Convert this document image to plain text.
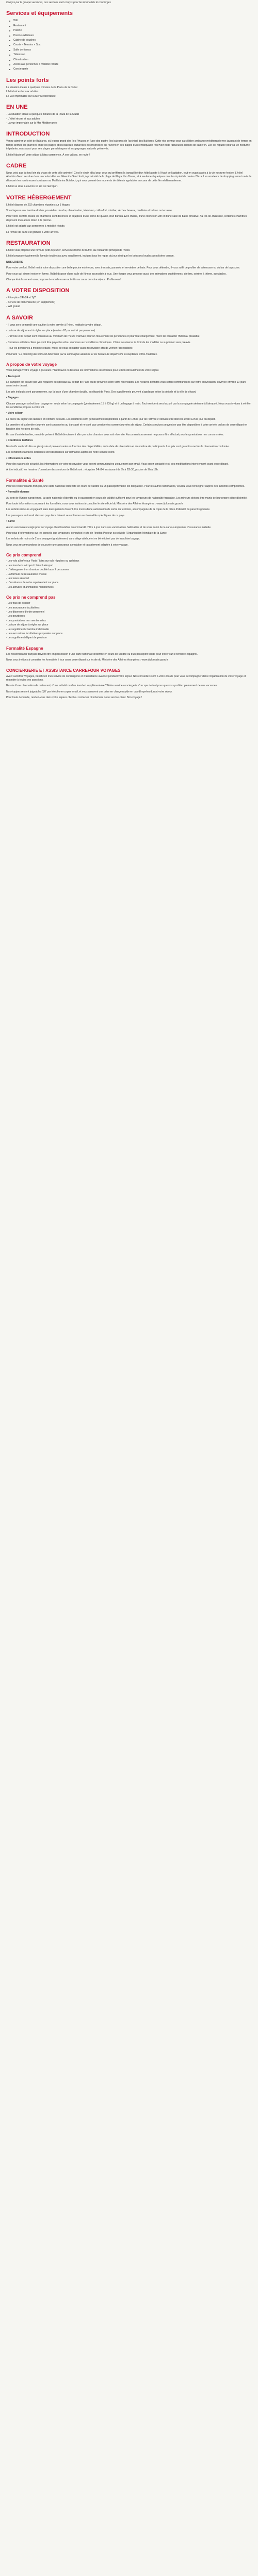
Conçus par le groupe vacances, ces services sont conçus pour les Formalités & concierges

Services et équipements
Wifi
Restaurant
Piscine
Piscine extérieure
Cabine de douches
Courts – Terrains » Spa
Salle de fitness
Télévision
Climatisation
Accès aux personnes à mobilité réduite
Conciergerie
Les points forts
La situation idéale à quelques minutes de la Plaza de la Ciutat
L'hôtel récent et aux adultes
Le vue imprenable sur la Mer Méditerranée
EN UNE
- La situation idéale à quelques minutes de la Plaza de la Ciutat
- L'hôtel récent et aux adultes
- La vue imprenable sur la Mer Méditerranée
INTRODUCTION

Venez admirer un côté de Baléares, où le plus grand des îles Pityuses et l'une des quatre îles baléares de l'archipel des Baléares. Cette rive connue pour sa célèbre ambiance méditerranéenne jaugeant de temps en temps animée les journées entre les plages et les bateaux, culturelles et sensorielles qui revient en ses plages d'un remarquable réservoir et de fabuleuses criques de sable fin. Elle est réputée pour sa vie nocturne trépidante, mais aussi pour ses plages paradisiaques et ses paysages naturels préservés.

L'hôtel fabuleux! Votre séjour à Ibiza commence. À vos valises, en route !

CADRE

Nous voici pas du tout loin du chaos de cette ville animée ! C'est le choix idéal pour ceux qui préfèrent la tranquillité d'un hôtel adulte à l'écart de l'agitation, tout en ayant accès à la vie nocturne festive. L'hôtel Abaddon Nexo se situe dans un cadre idéal sur l'Avenida Sant Jordi, à proximité de la plage de Playa d'en Bossa, et à seulement quelques minutes à pied du centre d'Ibiza. Les amateurs de shopping seront ravis de découvrir les nombreuses boutiques au Mall Marina Botafoch, qui vous promet des moments de détente agréables au cœur de cette île méditerranéenne.

L'hôtel se situe à environ 10 km de l'aéroport.

VOTRE HÉBERGEMENT

L'hôtel dispose de 292 chambres réparties sur 5 étages.

Vous logerez en chambre double, possédant douche, climatisation, télévision, coffre-fort, minibar, sèche-cheveux, bouilloire et balcon ou terrasse.

Pour votre confort, toutes les chambres sont décorées et équipées d'une literie de qualité, d'un bureau avec chaise, d'une connexion wifi et d'une salle de bains privative. Au rez-de-chaussée, certaines chambres disposent d'un accès direct à la piscine.

L'hôtel est adapté aux personnes à mobilité réduite.

La remise de carte est gratuite à votre arrivée.

RESTAURATION

L'hôtel vous propose une formule petit-déjeuner, servi sous forme de buffet, au restaurant principal de l'hôtel.

L'hôtel propose également la formule tout inclus avec supplément, incluant tous les repas du jour ainsi que les boissons locales alcoolisées ou non.

NOS LOISIRS

Pour votre confort, l'hôtel met à votre disposition une belle piscine extérieure, avec transats, parasols et serviettes de bain. Pour vous détendre, il vous suffit de profiter de la terrasse ou du bar de la piscine.

Pour ceux qui aiment rester en forme, l'hôtel dispose d'une salle de fitness accessible à tous. Une équipe vous propose aussi des animations quotidiennes, ateliers, soirées à thème, spectacles.

Chaque établissement vous propose de nombreuses activités au cours de votre séjour : Profitez-en !

A VOTRE DISPOSITION
- Réception 24h/24 et 7j/7
- Service de blanchisserie (en supplément)
- Wifi gratuit
A SAVOIR

- Il vous sera demandé une caution à votre arrivée à l'hôtel, restituée à votre départ.

- La taxe de séjour est à régler sur place (environ 2€ par nuit et par personne).

- L'arrivée et le départ sont convenus au minimum de l'heure d'arrivée pour un mouvement de personnes et pour tout changement, merci de contacter l'hôtel au préalable.

- Certaines activités citées peuvent être payantes et/ou soumises aux conditions climatiques. L'hôtel se réserve le droit de les modifier ou supprimer sans préavis.

- Pour les personnes à mobilité réduite, merci de nous contacter avant réservation afin de vérifier l'accessibilité.

Important : Le planning des vols est déterminé par la compagnie aérienne et les heures de départ sont susceptibles d'être modifiées.

A propos de votre voyage

Vous partagez votre voyage à plusieurs ? Retrouvez ci-dessous les informations essentielles pour le bon déroulement de votre séjour.

• Transport

Le transport est assuré par vols réguliers ou spéciaux au départ de Paris ou de province selon votre réservation. Les horaires définitifs vous seront communiqués sur votre convocation, envoyée environ 10 jours avant votre départ.

Les prix indiqués sont par personne, sur la base d'une chambre double, au départ de Paris. Des suppléments peuvent s'appliquer selon la période et la ville de départ.

• Bagages

Chaque passager a droit à un bagage en soute selon la compagnie (généralement 15 à 23 kg) et à un bagage à main. Tout excédent sera facturé par la compagnie aérienne à l'aéroport. Nous vous invitons à vérifier les conditions propres à votre vol.

• Votre séjour

La durée du séjour est calculée en nombre de nuits. Les chambres sont généralement disponibles à partir de 14h le jour de l'arrivée et doivent être libérées avant 12h le jour du départ.

La première et la dernière journée sont consacrées au transport et ne sont pas considérées comme journées de séjour. Certains services peuvent ne pas être disponibles à votre arrivée ou lors de votre départ en fonction des horaires de vols.

En cas d'arrivée tardive, merci de prévenir l'hôtel directement afin que votre chambre vous soit réservée. Aucun remboursement ne pourra être effectué pour les prestations non consommées.

• Conditions tarifaires

Nos tarifs sont calculés au plus juste et peuvent varier en fonction des disponibilités, de la date de réservation et du nombre de participants. Les prix sont garantis une fois la réservation confirmée.

Les conditions tarifaires détaillées sont disponibles sur demande auprès de notre service client.

• Informations utiles

Pour des raisons de sécurité, les informations de votre réservation vous seront communiquées uniquement par email. Vous serez contacté(e) si des modifications interviennent avant votre départ.

À titre indicatif, les horaires d'ouverture des services de l'hôtel sont : réception 24h/24, restaurant de 7h à 22h30, piscine de 9h à 19h.

Formalités & Santé

Pour les ressortissants français, une carte nationale d'identité en cours de validité ou un passeport valide est obligatoire. Pour les autres nationalités, veuillez vous renseigner auprès des autorités compétentes.

• Formalité douane

Au sein de l'Union européenne, la carte nationale d'identité ou le passeport en cours de validité suffisent pour les voyageurs de nationalité française. Les mineurs doivent être munis de leur propre pièce d'identité.

Pour toute information concernant les formalités, nous vous invitons à consulter le site officiel du Ministère des Affaires étrangères : www.diplomatie.gouv.fr

Les enfants mineurs voyageant sans leurs parents doivent être munis d'une autorisation de sortie du territoire, accompagnée de la copie de la pièce d'identité du parent signataire.

Les passagers en transit dans un pays tiers doivent se conformer aux formalités spécifiques de ce pays.

• Santé

Aucun vaccin n'est exigé pour ce voyage. Il est toutefois recommandé d'être à jour dans vos vaccinations habituelles et de vous munir de la carte européenne d'assurance maladie.

Pour plus d'informations sur les conseils aux voyageurs, consultez le site de l'Institut Pasteur ou celui de l'Organisation Mondiale de la Santé.

Les enfants de moins de 2 ans voyagent gratuitement, sans siège attribué et ne bénéficient pas de franchise bagage.

Nous vous recommandons de souscrire une assurance annulation et rapatriement adaptée à votre voyage.

Ce prix comprend
- Les vols aller/retour Paris / Ibiza sur vols réguliers ou spéciaux
- Les transferts aéroport / hôtel / aéroport
- L'hébergement en chambre double base 2 personnes
- La formule de restauration choisie
- Les taxes aéroport
- L'assistance de notre représentant sur place
- Les activités et animations mentionnées
Ce prix ne comprend pas
- Les frais de dossier
- Les assurances facultatives
- Les dépenses d'ordre personnel
- Les pourboires
- Les prestations non mentionnées
- La taxe de séjour à régler sur place
- Le supplément chambre individuelle
- Les excursions facultatives proposées sur place
- Le supplément départ de province
Formalité Espagne

Les ressortissants français doivent être en possession d'une carte nationale d'identité en cours de validité ou d'un passeport valide pour entrer sur le territoire espagnol.

Nous vous invitons à consulter les formalités à jour avant votre départ sur le site du Ministère des Affaires étrangères : www.diplomatie.gouv.fr

CONCIERGERIE ET ASSISTANCE CARREFOUR VOYAGES

Avec Carrefour Voyages, bénéficiez d'un service de conciergerie et d'assistance avant et pendant votre séjour. Nos conseillers sont à votre écoute pour vous accompagner dans l'organisation de votre voyage et répondre à toutes vos questions.

Besoin d'une réservation de restaurant, d'une activité ou d'un transfert supplémentaire ? Notre service conciergerie s'occupe de tout pour que vous profitiez pleinement de vos vacances.

Nos équipes restent joignables 7j/7 par téléphone ou par email, et vous assurent une prise en charge rapide en cas d'imprévu durant votre séjour.

Pour toute demande, rendez-vous dans votre espace client ou contactez directement notre service client. Bon voyage !
